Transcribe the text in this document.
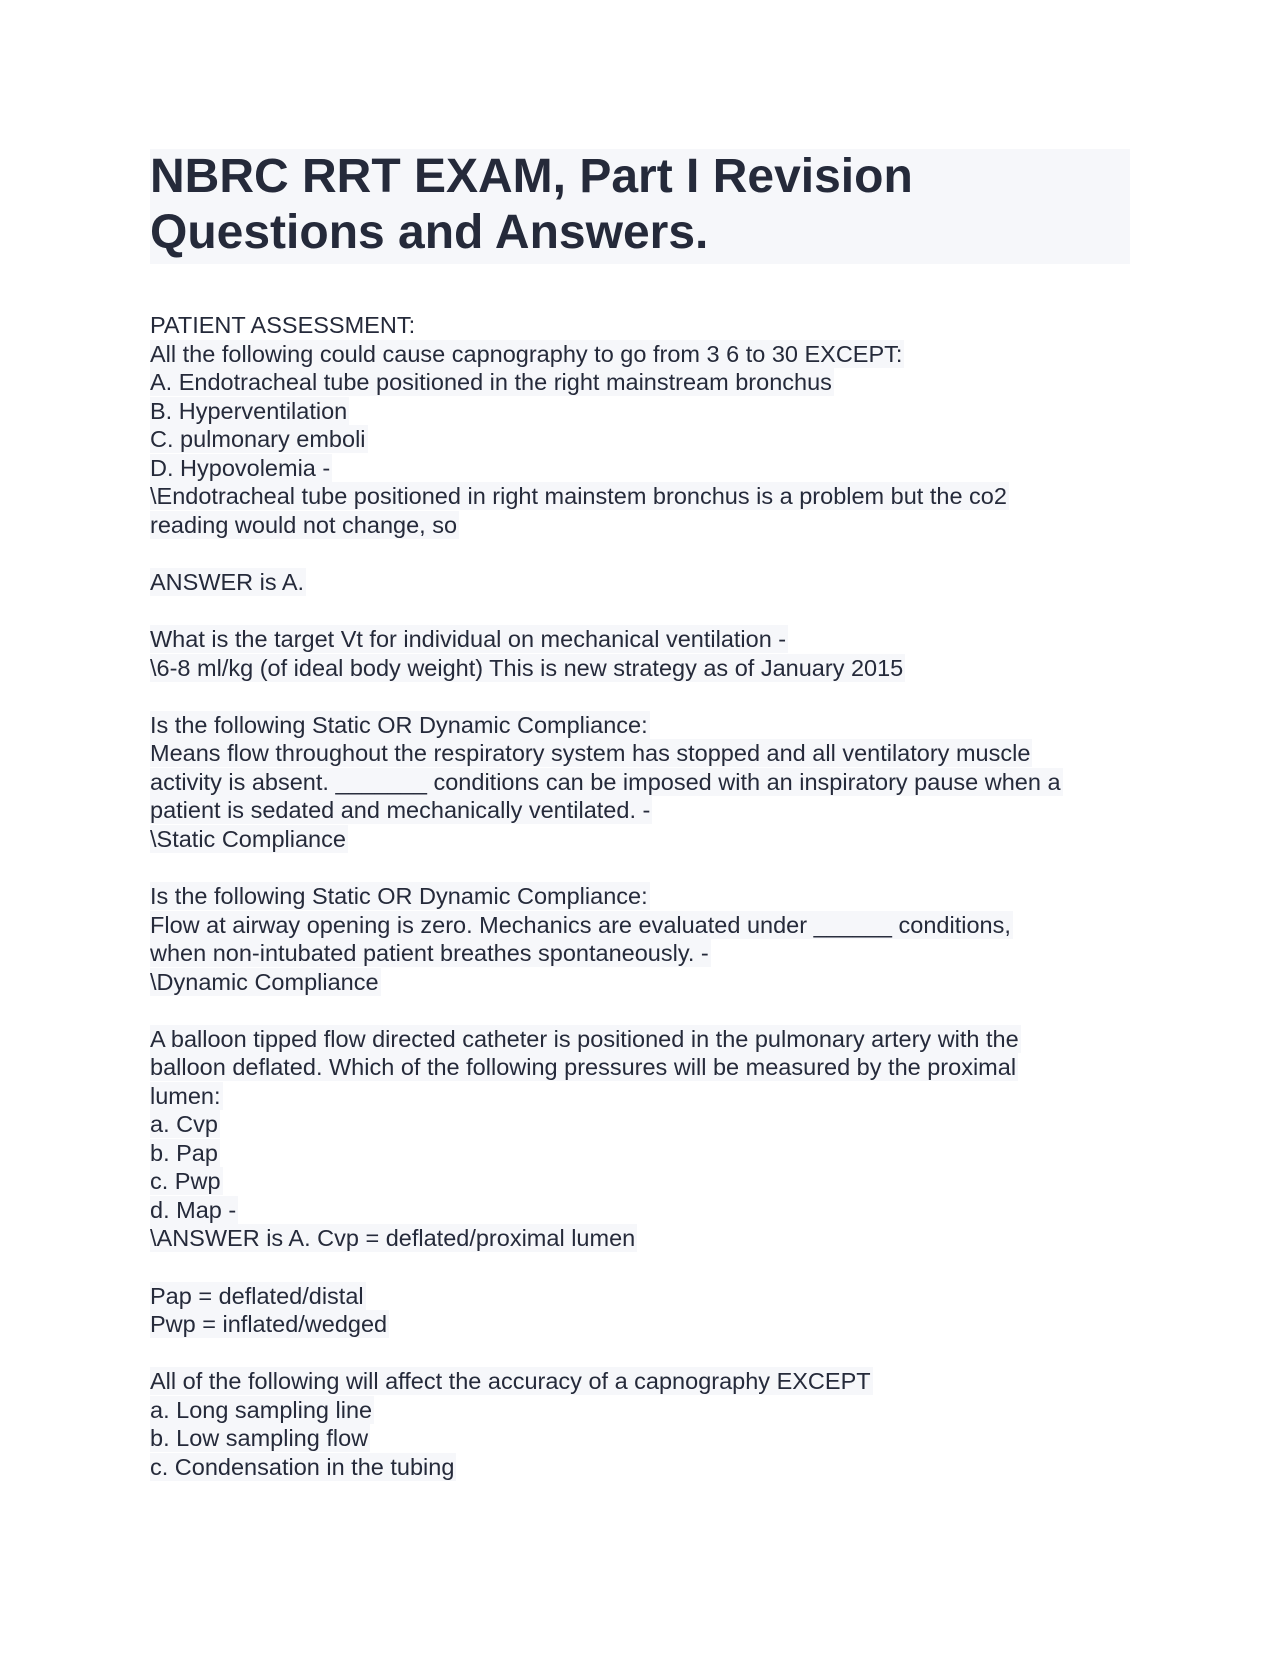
NBRC RRT EXAM, Part I Revision

Questions and Answers.

PATIENT ASSESSMENT:

All the following could cause capnography to go from 3 6 to 30 EXCEPT:

A. Endotracheal tube positioned in the right mainstream bronchus

B. Hyperventilation

C. pulmonary emboli

D. Hypovolemia -

\Endotracheal tube positioned in right mainstem bronchus is a problem but the co2

reading would not change, so

ANSWER is A.

What is the target Vt for individual on mechanical ventilation -

\6-8 ml/kg (of ideal body weight) This is new strategy as of January 2015

Is the following Static OR Dynamic Compliance:

Means flow throughout the respiratory system has stopped and all ventilatory muscle

activity is absent. _______ conditions can be imposed with an inspiratory pause when a

patient is sedated and mechanically ventilated. -

\Static Compliance

Is the following Static OR Dynamic Compliance:

Flow at airway opening is zero. Mechanics are evaluated under ______ conditions,

when non-intubated patient breathes spontaneously. -

\Dynamic Compliance

A balloon tipped flow directed catheter is positioned in the pulmonary artery with the

balloon deflated. Which of the following pressures will be measured by the proximal

lumen:

a. Cvp

b. Pap

c. Pwp

d. Map -

\ANSWER is A. Cvp = deflated/proximal lumen

Pap = deflated/distal

Pwp = inflated/wedged

All of the following will affect the accuracy of a capnography EXCEPT

a. Long sampling line

b. Low sampling flow

c. Condensation in the tubing
